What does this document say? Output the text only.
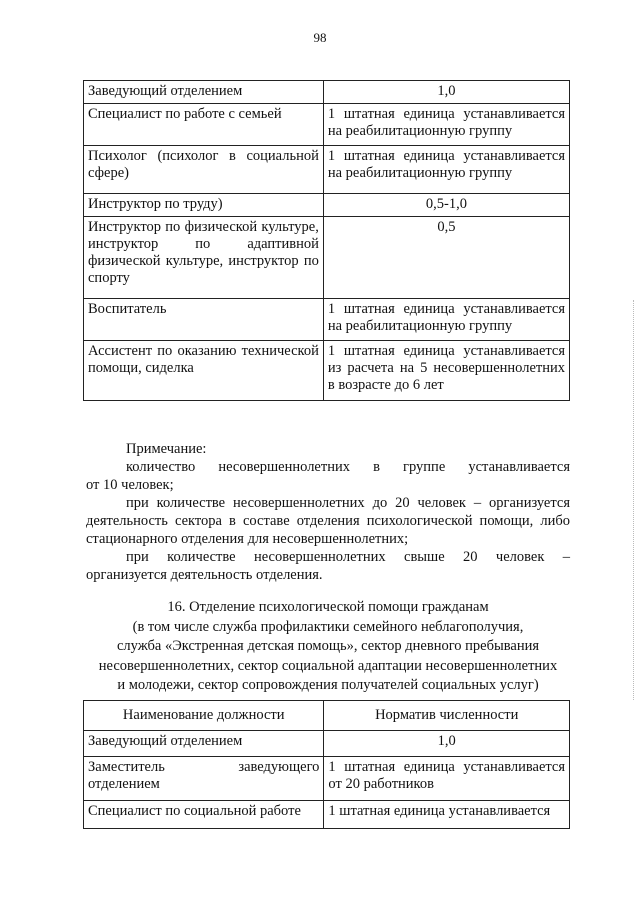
98
Заведующий отделением	1,0
Специалист по работе с семьей	1 штатная единица устанавливается на реабилитационную группу
Психолог (психолог в социальной сфере)	1 штатная единица устанавливается на реабилитационную группу
Инструктор по труду)	0,5-1,0
Инструктор по физической культуре, инструктор по адаптивной физической культуре, инструктор по спорту	0,5
Воспитатель	1 штатная единица устанавливается на реабилитационную группу
Ассистент по оказанию технической помощи, сиделка	1 штатная единица устанавливается из расчета на 5 несовершеннолетних в возрасте до 6 лет
Примечание:
количество несовершеннолетних в группе устанавливается
от 10 человек;
при количестве несовершеннолетних до 20 человек – организуется деятельность сектора в составе отделения психологической помощи, либо стационарного отделения для несовершеннолетних;
при количестве несовершеннолетних свыше 20 человек –
организуется деятельность отделения.
16. Отделение психологической помощи гражданам
(в том числе служба профилактики семейного неблагополучия,
служба «Экстренная детская помощь», сектор дневного пребывания
несовершеннолетних, сектор социальной адаптации несовершеннолетних
и молодежи, сектор сопровождения получателей социальных услуг)
Наименование должности	Норматив численности
Заведующий отделением	1,0
Заместитель заведующего отделением	1 штатная единица устанавливается от 20 работников
Специалист по социальной работе	1 штатная единица устанавливается
